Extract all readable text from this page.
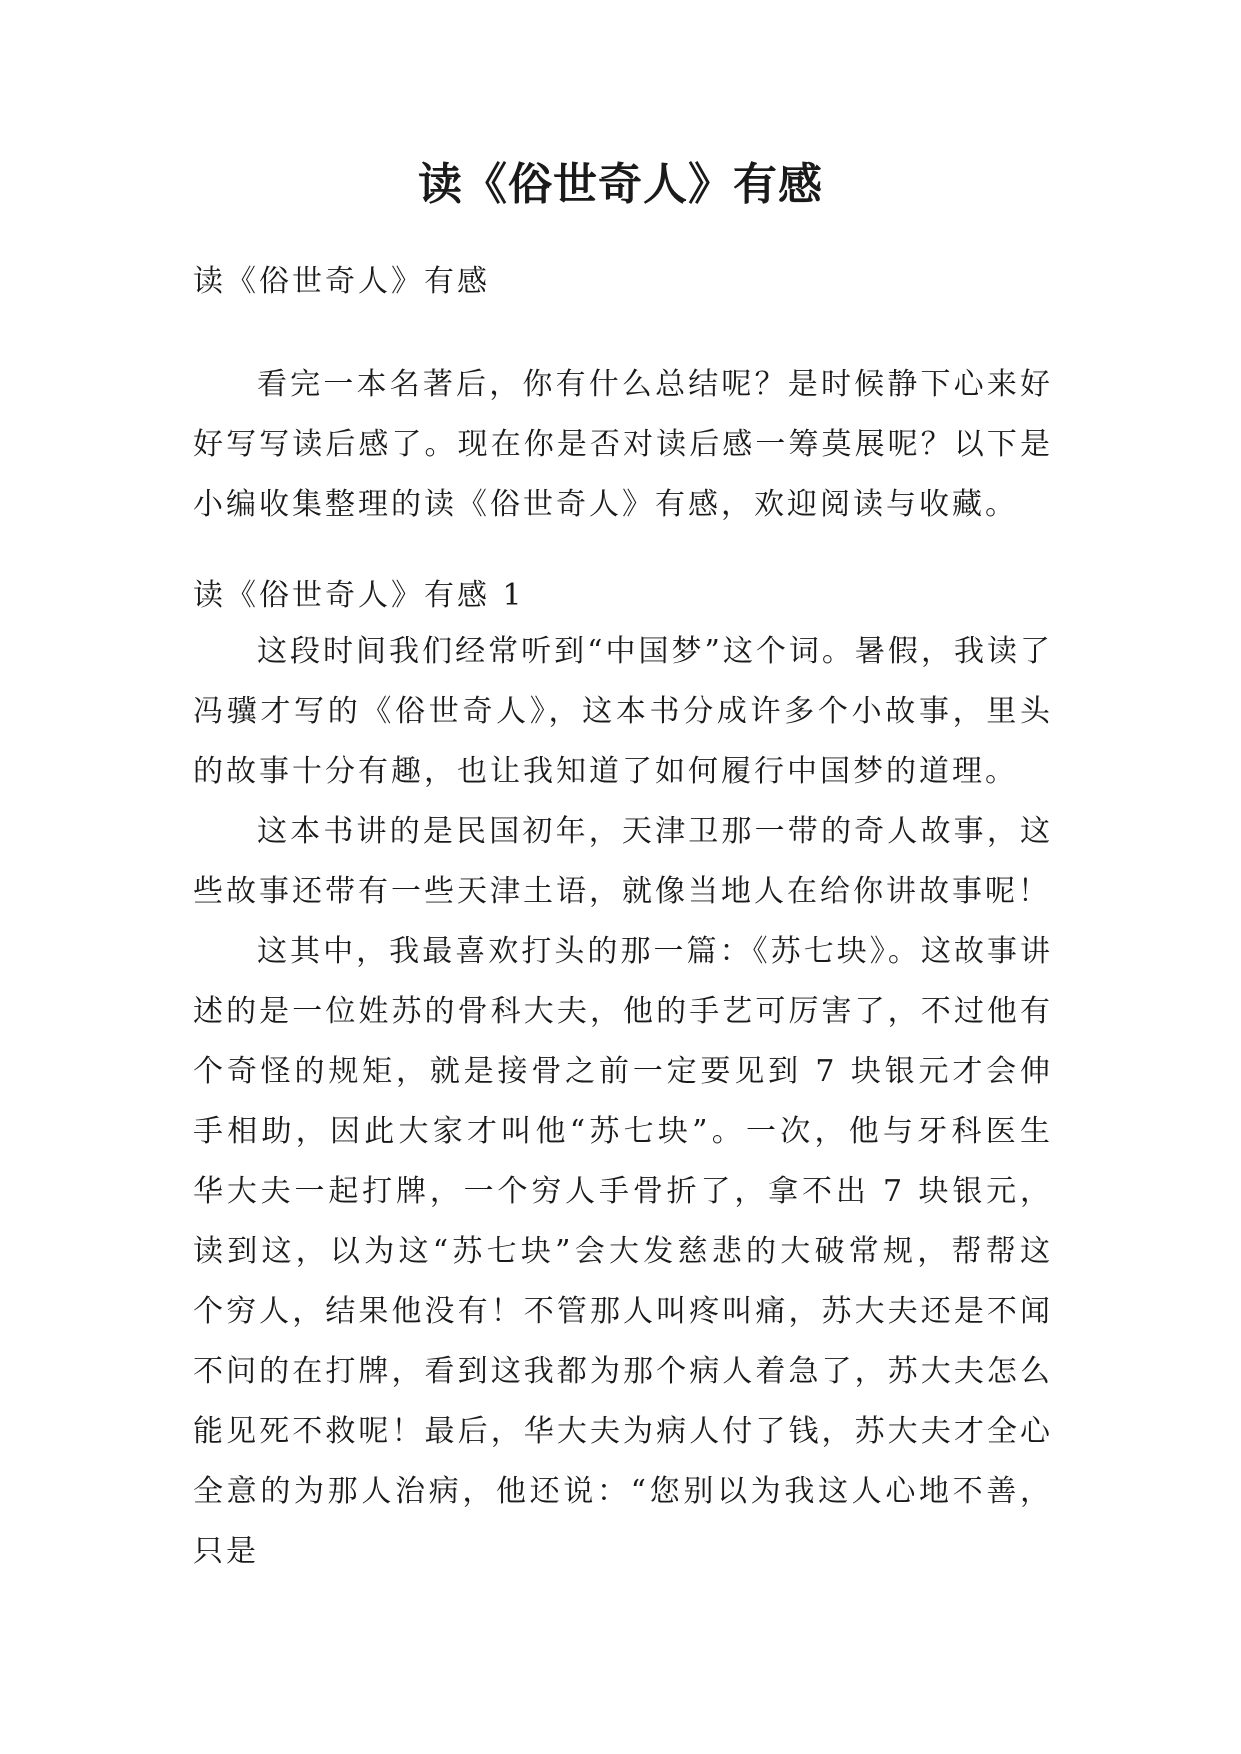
读《俗世奇人》有感
读《俗世奇人》有感
看完一本名著后，你有什么总结呢？是时候静下心来好好写写读后感了。现在你是否对读后感一筹莫展呢？以下是小编收集整理的读《俗世奇人》有感，欢迎阅读与收藏。
读《俗世奇人》有感 1

这段时间我们经常听到“中国梦”这个词。暑假，我读了冯骥才写的《俗世奇人》，这本书分成许多个小故事，里头的故事十分有趣，也让我知道了如何履行中国梦的道理。

这本书讲的是民国初年，天津卫那一带的奇人故事，这些故事还带有一些天津土语，就像当地人在给你讲故事呢！

这其中，我最喜欢打头的那一篇：《苏七块》。这故事讲述的是一位姓苏的骨科大夫，他的手艺可厉害了，不过他有个奇怪的规矩，就是接骨之前一定要见到 7 块银元才会伸手相助，因此大家才叫他“苏七块”。一次，他与牙科医生华大夫一起打牌，一个穷人手骨折了，拿不出 7 块银元，读到这，以为这“苏七块”会大发慈悲的大破常规，帮帮这个穷人，结果他没有！不管那人叫疼叫痛，苏大夫还是不闻不问的在打牌，看到这我都为那个病人着急了，苏大夫怎么能见死不救呢！最后，华大夫为病人付了钱，苏大夫才全心全意的为那人治病，他还说：“您别以为我这人心地不善，只是
